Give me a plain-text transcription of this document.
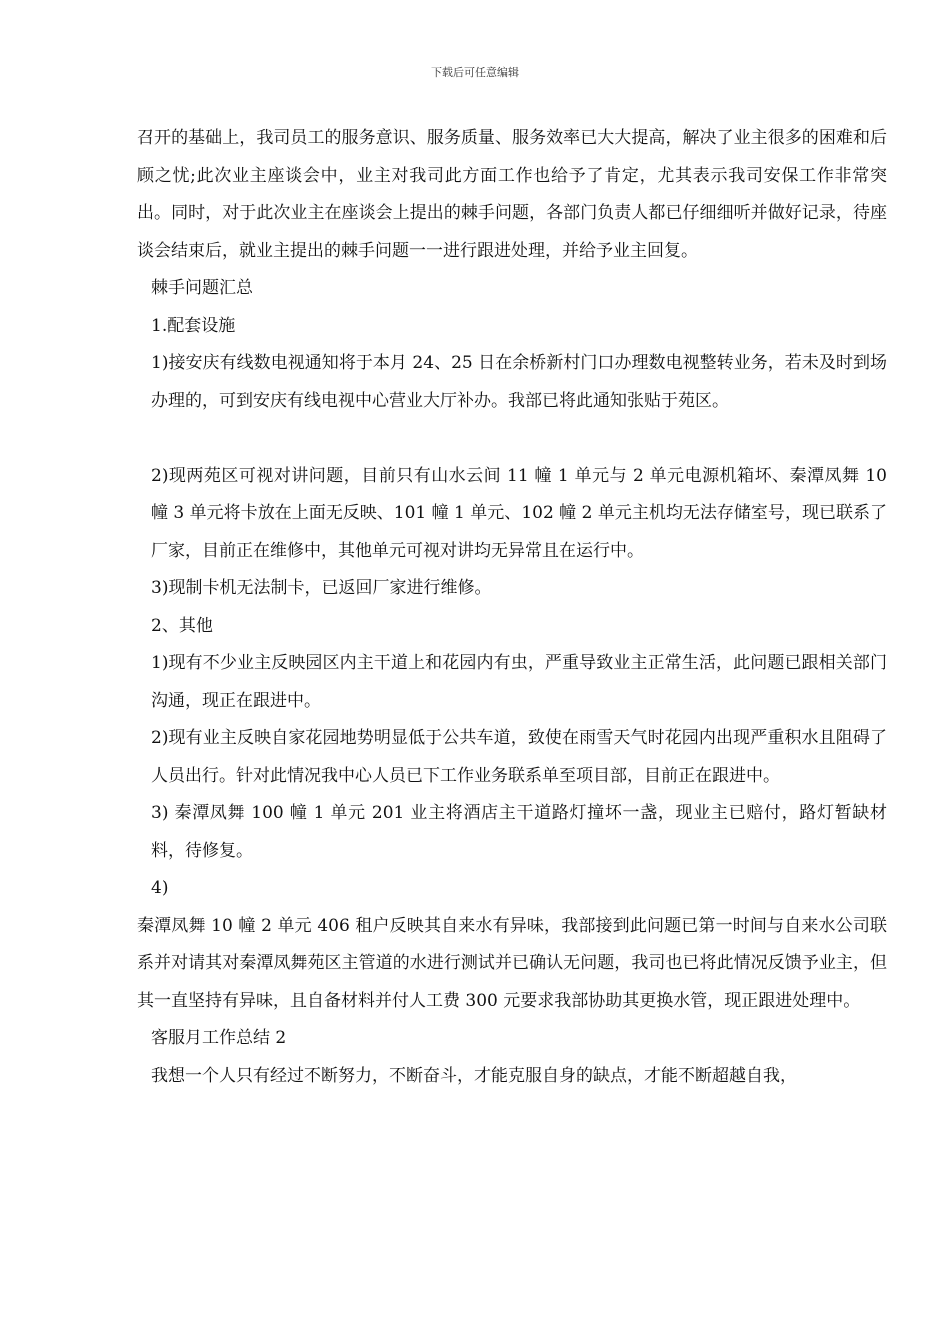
下载后可任意编辑

召开的基础上，我司员工的服务意识、服务质量、服务效率已大大提高，解决了业主很多的困难和后顾之忧;此次业主座谈会中，业主对我司此方面工作也给予了肯定，尤其表示我司安保工作非常突出。同时，对于此次业主在座谈会上提出的棘手问题，各部门负责人都已仔细细听并做好记录，待座谈会结束后，就业主提出的棘手问题一一进行跟进处理，并给予业主回复。

棘手问题汇总

1.配套设施

1)接安庆有线数电视通知将于本月 24、25 日在余桥新村门口办理数电视整转业务，若未及时到场办理的，可到安庆有线电视中心营业大厅补办。我部已将此通知张贴于苑区。

2)现两苑区可视对讲问题，目前只有山水云间 11 幢 1 单元与 2 单元电源机箱坏、秦潭凤舞 10 幢 3 单元将卡放在上面无反映、101 幢 1 单元、102 幢 2 单元主机均无法存储室号，现已联系了厂家，目前正在维修中，其他单元可视对讲均无异常且在运行中。

3)现制卡机无法制卡，已返回厂家进行维修。

2、其他

1)现有不少业主反映园区内主干道上和花园内有虫，严重导致业主正常生活，此问题已跟相关部门沟通，现正在跟进中。

2)现有业主反映自家花园地势明显低于公共车道，致使在雨雪天气时花园内出现严重积水且阻碍了人员出行。针对此情况我中心人员已下工作业务联系单至项目部，目前正在跟进中。

3) 秦潭凤舞 100 幢 1 单元 201 业主将酒店主干道路灯撞坏一盏，现业主已赔付，路灯暂缺材料，待修复。

4)

秦潭凤舞 10 幢 2 单元 406 租户反映其自来水有异味，我部接到此问题已第一时间与自来水公司联系并对请其对秦潭凤舞苑区主管道的水进行测试并已确认无问题，我司也已将此情况反馈予业主，但其一直坚持有异味，且自备材料并付人工费 300 元要求我部协助其更换水管，现正跟进处理中。

客服月工作总结 2

我想一个人只有经过不断努力，不断奋斗，才能克服自身的缺点，才能不断超越自我，
